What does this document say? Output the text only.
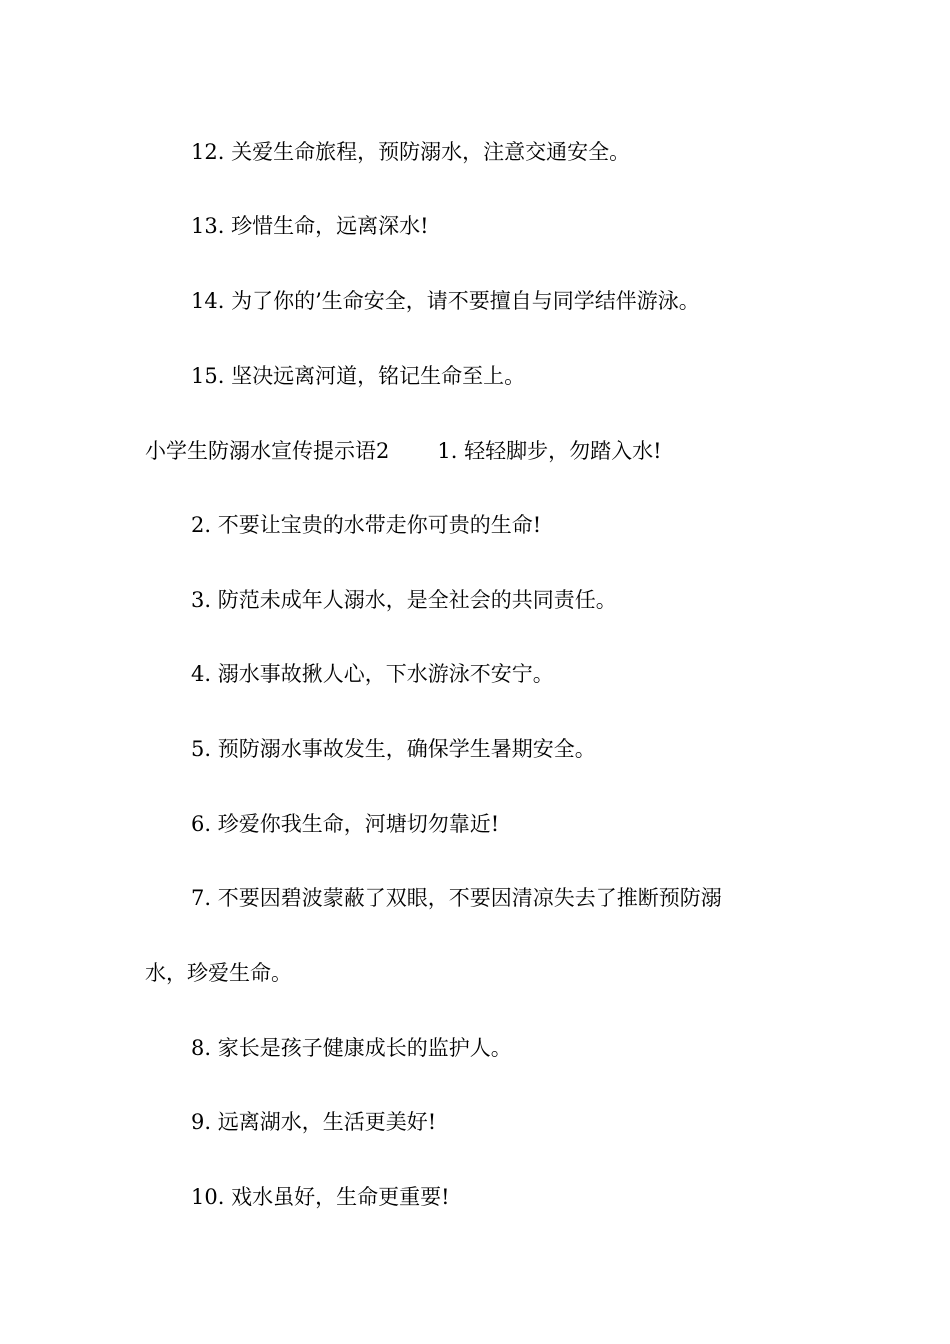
12. 关爱生命旅程，预防溺水，注意交通安全。
13. 珍惜生命，远离深水!
14. 为了你的’生命安全，请不要擅自与同学结伴游泳。
15. 坚决远离河道，铭记生命至上。
小学生防溺水宣传提示语2 1. 轻轻脚步，勿踏入水!
2. 不要让宝贵的水带走你可贵的生命!
3. 防范未成年人溺水，是全社会的共同责任。
4. 溺水事故揪人心，下水游泳不安宁。
5. 预防溺水事故发生，确保学生暑期安全。
6. 珍爱你我生命，河塘切勿靠近!
7. 不要因碧波蒙蔽了双眼，不要因清凉失去了推断预防溺
水，珍爱生命。
8. 家长是孩子健康成长的监护人。
9. 远离湖水，生活更美好!
10. 戏水虽好，生命更重要!
